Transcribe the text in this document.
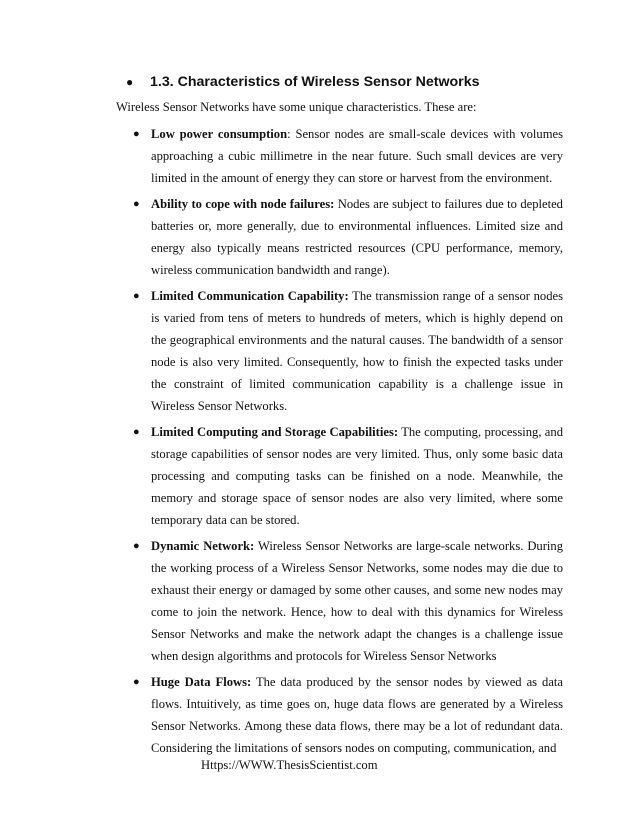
● 1.3. Characteristics of Wireless Sensor Networks
Wireless Sensor Networks have some unique characteristics. These are:
● Low power consumption: Sensor nodes are small-scale devices with volumes approaching a cubic millimetre in the near future. Such small devices are very limited in the amount of energy they can store or harvest from the environment.
● Ability to cope with node failures: Nodes are subject to failures due to depleted batteries or, more generally, due to environmental influences. Limited size and energy also typically means restricted resources (CPU performance, memory, wireless communication bandwidth and range).
● Limited Communication Capability: The transmission range of a sensor nodes is varied from tens of meters to hundreds of meters, which is highly depend on the geographical environments and the natural causes. The bandwidth of a sensor node is also very limited. Consequently, how to finish the expected tasks under the constraint of limited communication capability is a challenge issue in Wireless Sensor Networks.
● Limited Computing and Storage Capabilities: The computing, processing, and storage capabilities of sensor nodes are very limited. Thus, only some basic data processing and computing tasks can be finished on a node. Meanwhile, the memory and storage space of sensor nodes are also very limited, where some temporary data can be stored.
● Dynamic Network: Wireless Sensor Networks are large-scale networks. During the working process of a Wireless Sensor Networks, some nodes may die due to exhaust their energy or damaged by some other causes, and some new nodes may come to join the network. Hence, how to deal with this dynamics for Wireless Sensor Networks and make the network adapt the changes is a challenge issue when design algorithms and protocols for Wireless Sensor Networks
● Huge Data Flows: The data produced by the sensor nodes by viewed as data flows. Intuitively, as time goes on, huge data flows are generated by a Wireless Sensor Networks. Among these data flows, there may be a lot of redundant data. Considering the limitations of sensors nodes on computing, communication, and
Https://WWW.ThesisScientist.com
